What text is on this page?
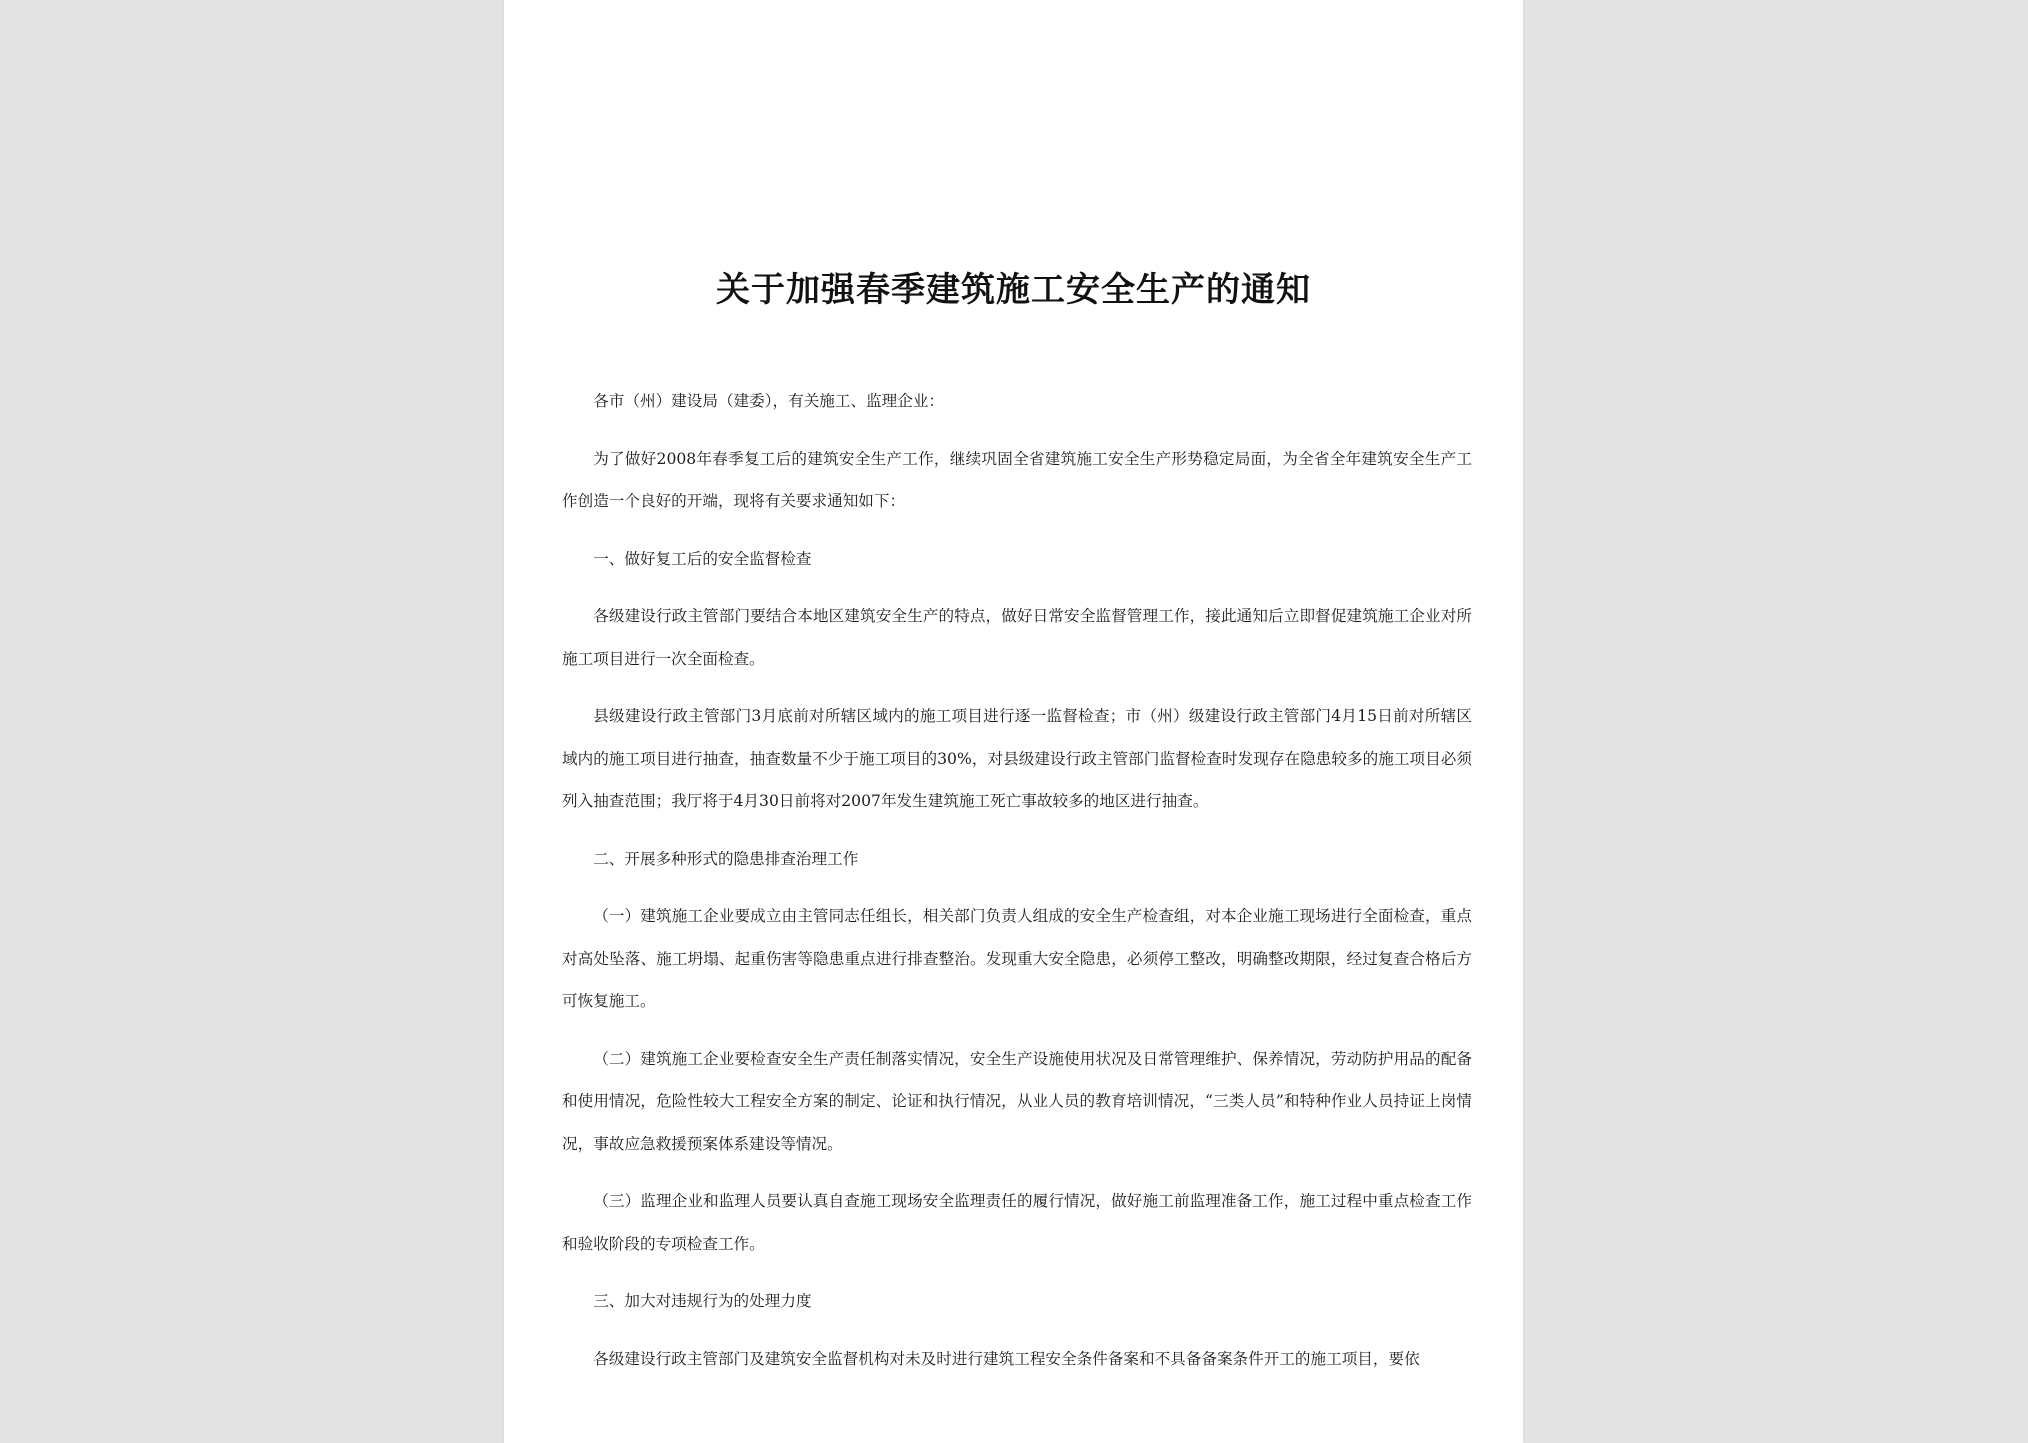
关于加强春季建筑施工安全生产的通知

各市（州）建设局（建委），有关施工、监理企业：

为了做好2008年春季复工后的建筑安全生产工作，继续巩固全省建筑施工安全生产形势稳定局面，为全省全年建筑安全生产工作创造一个良好的开端，现将有关要求通知如下：

一、做好复工后的安全监督检查

各级建设行政主管部门要结合本地区建筑安全生产的特点，做好日常安全监督管理工作，接此通知后立即督促建筑施工企业对所施工项目进行一次全面检查。

县级建设行政主管部门3月底前对所辖区域内的施工项目进行逐一监督检查；市（州）级建设行政主管部门4月15日前对所辖区域内的施工项目进行抽查，抽查数量不少于施工项目的30%，对县级建设行政主管部门监督检查时发现存在隐患较多的施工项目必须列入抽查范围；我厅将于4月30日前将对2007年发生建筑施工死亡事故较多的地区进行抽查。

二、开展多种形式的隐患排查治理工作

（一）建筑施工企业要成立由主管同志任组长，相关部门负责人组成的安全生产检查组，对本企业施工现场进行全面检查，重点对高处坠落、施工坍塌、起重伤害等隐患重点进行排查整治。发现重大安全隐患，必须停工整改，明确整改期限，经过复查合格后方可恢复施工。

（二）建筑施工企业要检查安全生产责任制落实情况，安全生产设施使用状况及日常管理维护、保养情况，劳动防护用品的配备和使用情况，危险性较大工程安全方案的制定、论证和执行情况，从业人员的教育培训情况，“三类人员”和特种作业人员持证上岗情况，事故应急救援预案体系建设等情况。

（三）监理企业和监理人员要认真自查施工现场安全监理责任的履行情况，做好施工前监理准备工作，施工过程中重点检查工作和验收阶段的专项检查工作。

三、加大对违规行为的处理力度

各级建设行政主管部门及建筑安全监督机构对未及时进行建筑工程安全条件备案和不具备备案条件开工的施工项目，要依
